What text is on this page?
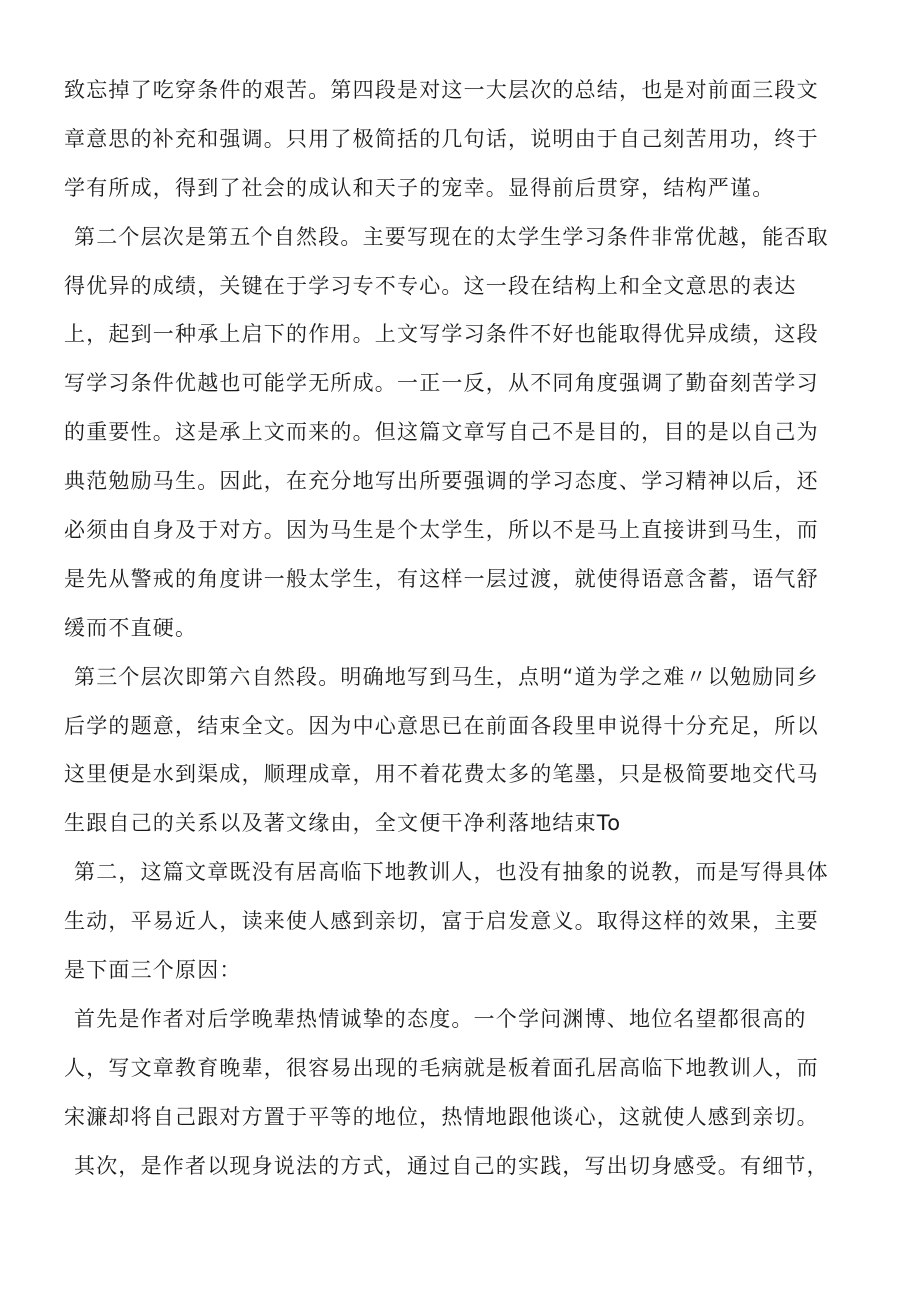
致忘掉了吃穿条件的艰苦。第四段是对这一大层次的总结，也是对前面三段文
章意思的补充和强调。只用了极简括的几句话，说明由于自己刻苦用功，终于
学有所成，得到了社会的成认和天子的宠幸。显得前后贯穿，结构严谨。
第二个层次是第五个自然段。主要写现在的太学生学习条件非常优越，能否取
得优异的成绩，关键在于学习专不专心。这一段在结构上和全文意思的表达
上，起到一种承上启下的作用。上文写学习条件不好也能取得优异成绩，这段
写学习条件优越也可能学无所成。一正一反，从不同角度强调了勤奋刻苦学习
的重要性。这是承上文而来的。但这篇文章写自己不是目的，目的是以自己为
典范勉励马生。因此，在充分地写出所要强调的学习态度、学习精神以后，还
必须由自身及于对方。因为马生是个太学生，所以不是马上直接讲到马生，而
是先从警戒的角度讲一般太学生，有这样一层过渡，就使得语意含蓄，语气舒
缓而不直硬。
第三个层次即第六自然段。明确地写到马生，点明“道为学之难〃以勉励同乡
后学的题意，结束全文。因为中心意思已在前面各段里申说得十分充足，所以
这里便是水到渠成，顺理成章，用不着花费太多的笔墨，只是极简要地交代马
生跟自己的关系以及著文缘由，全文便干净利落地结束To
第二，这篇文章既没有居高临下地教训人，也没有抽象的说教，而是写得具体
生动，平易近人，读来使人感到亲切，富于启发意义。取得这样的效果，主要
是下面三个原因：
首先是作者对后学晚辈热情诚挚的态度。一个学问渊博、地位名望都很高的
人，写文章教育晚辈，很容易出现的毛病就是板着面孔居高临下地教训人，而
宋濂却将自己跟对方置于平等的地位，热情地跟他谈心，这就使人感到亲切。
其次，是作者以现身说法的方式，通过自己的实践，写出切身感受。有细节，
